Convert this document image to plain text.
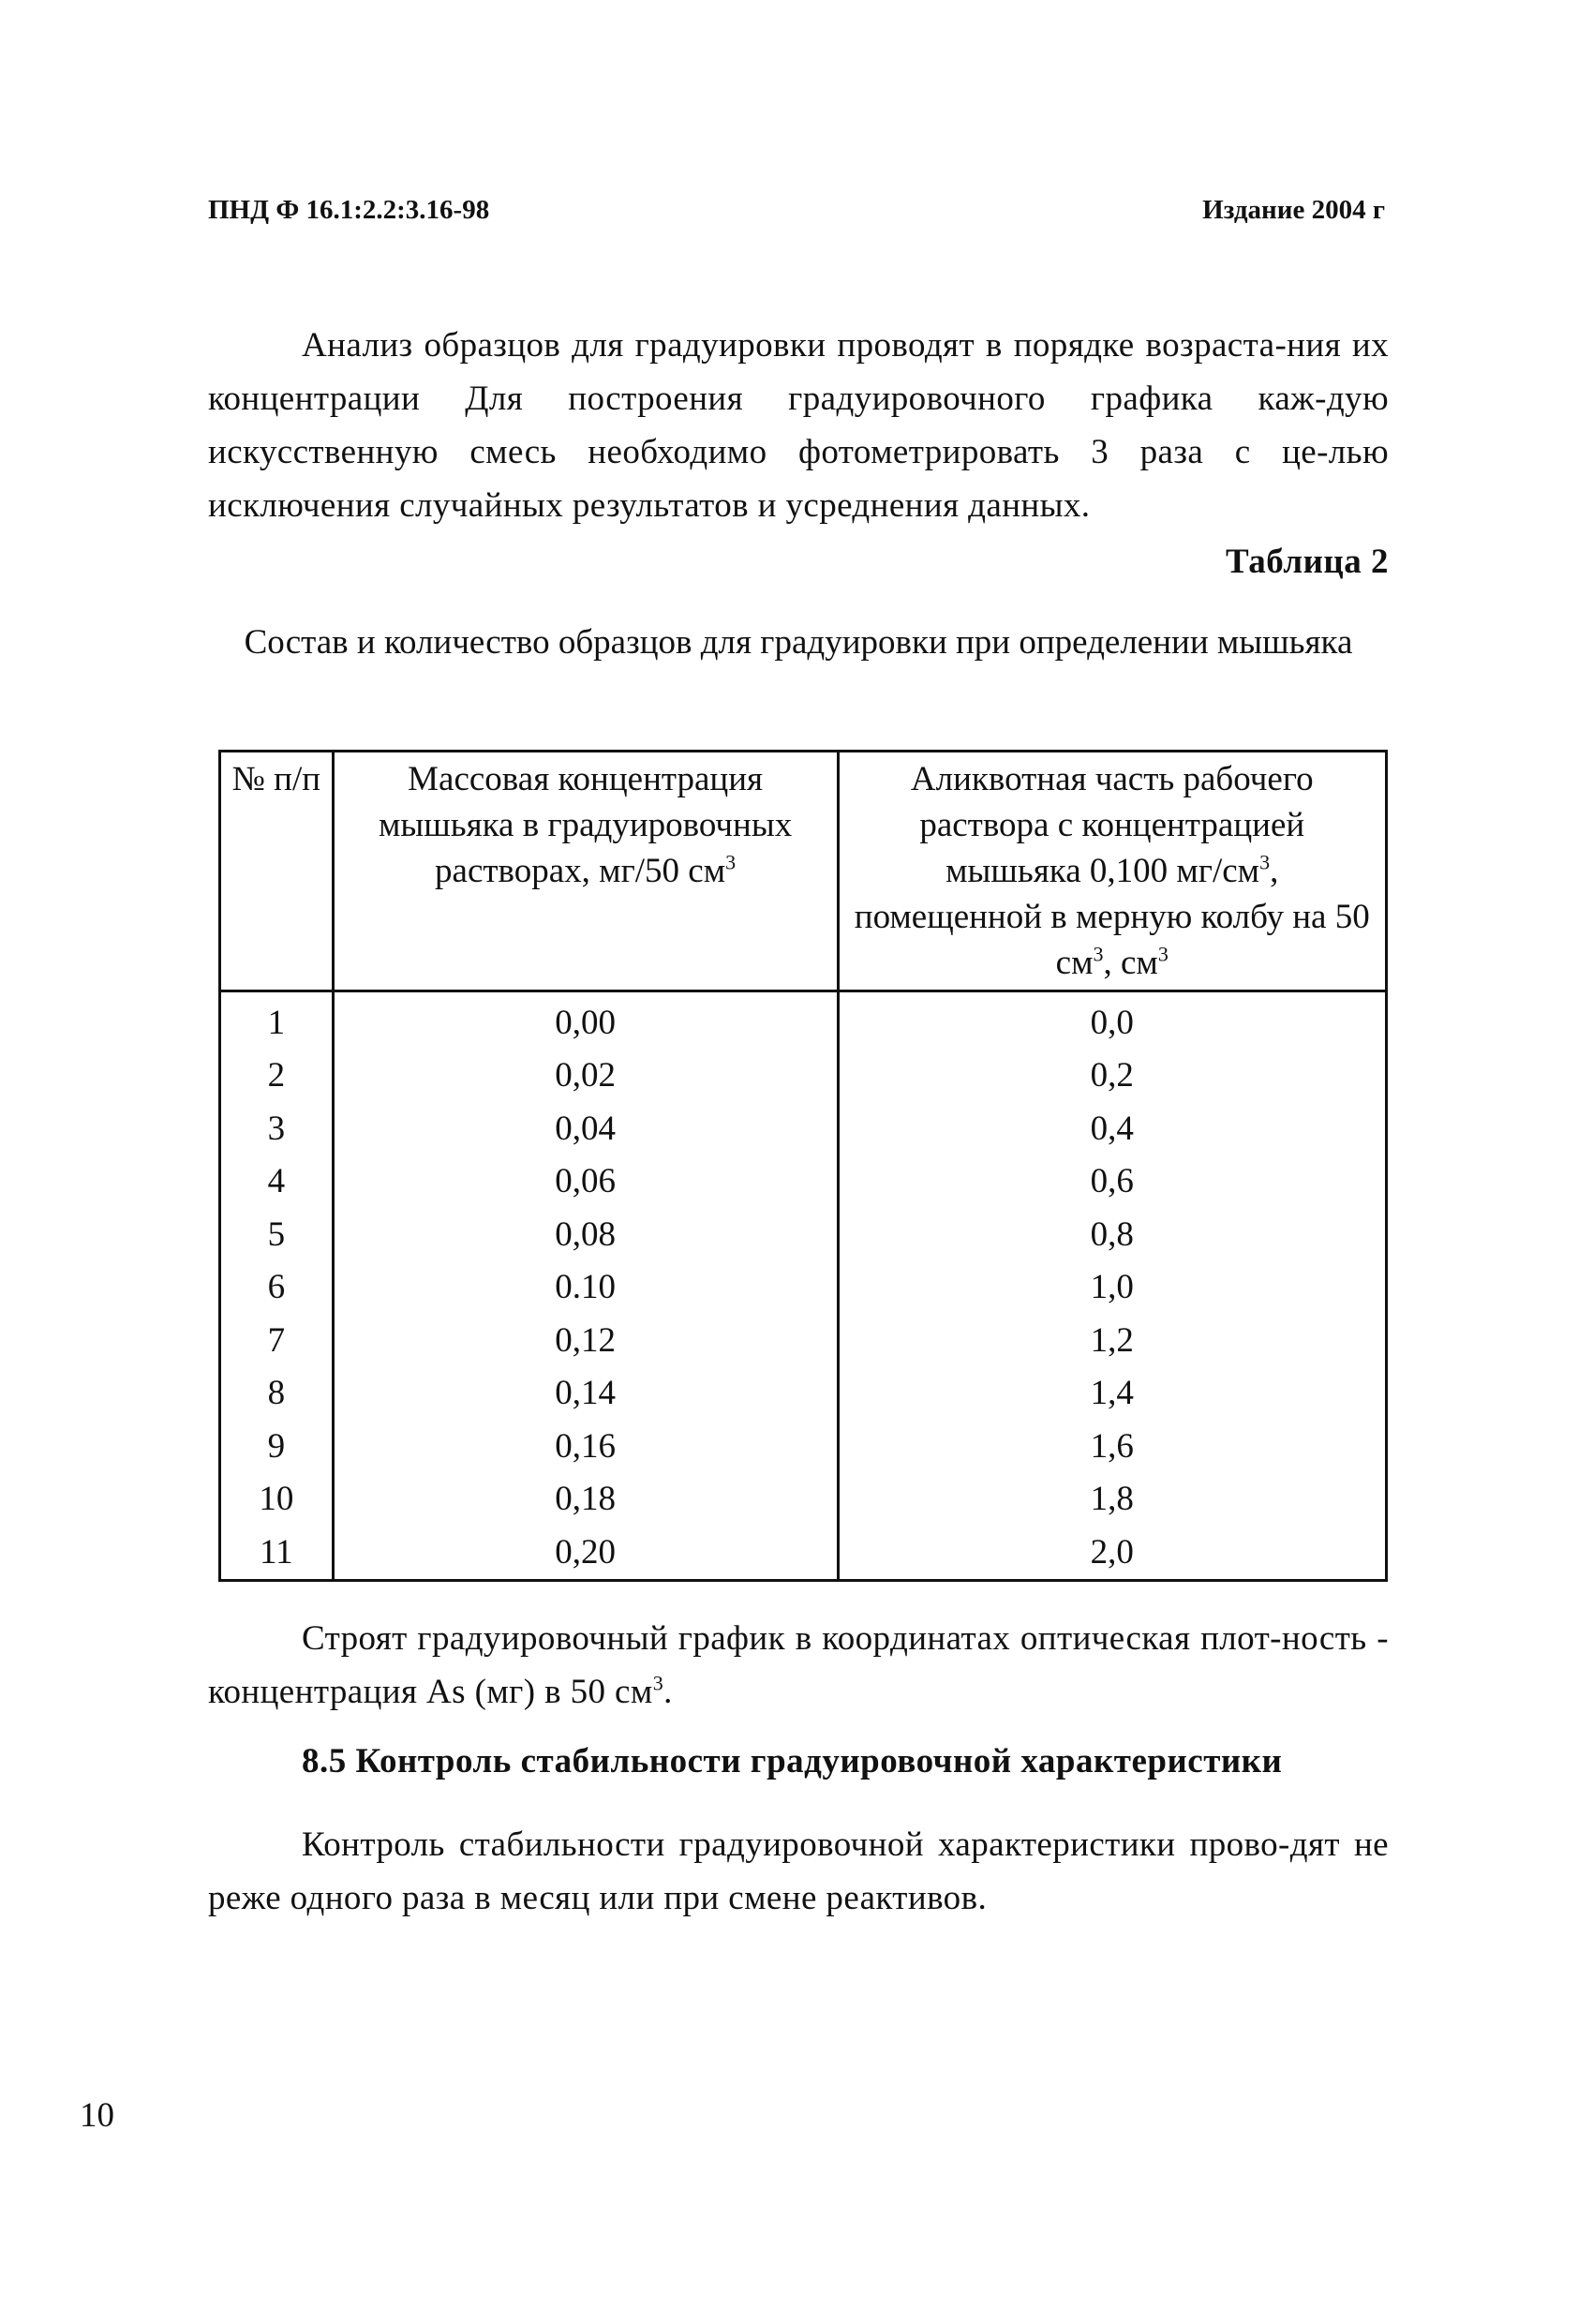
ПНД Ф 16.1:2.2:3.16-98	Издание 2004 г
Анализ образцов для градуировки проводят в порядке возраста-ния их концентрации Для построения градуировочного графика каж-дую искусственную смесь необходимо фотометрировать 3 раза с це-лью исключения случайных результатов и усреднения данных.
Таблица 2
Состав и количество образцов для градуировки при определении мышьяка
№ п/п	Массовая концентрация мышьяка в градуировочных растворах, мг/50 $см^3$	Аликвотная часть рабочего раствора с концентрацией мышьяка 0,100 $мг/см^3$, помещенной в мерную колбу на 50 $см^3$, $см^3$
1	0,00	0,0
2	0,02	0,2
3	0,04	0,4
4	0,06	0,6
5	0,08	0,8
6	0.10	1,0
7	0,12	1,2
8	0,14	1,4
9	0,16	1,6
10	0,18	1,8
11	0,20	2,0
Строят градуировочный график в координатах оптическая плот-ность - концентрация As (мг) в 50 $см^3$.
8.5 Контроль стабильности градуировочной характеристики
Контроль стабильности градуировочной характеристики прово-дят не реже одного раза в месяц или при смене реактивов.
10
